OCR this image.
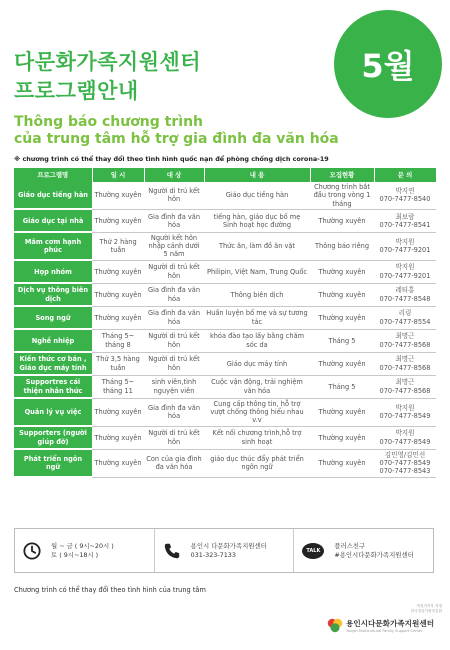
다문화가족지원센터
프로그램안내
5월
Thông báo chương trình
của trung tâm hỗ trợ gia đình đa văn hóa
※ chương trình có thể thay đổi theo tình hình quốc nạn để phòng chống dịch corona-19
프로그램명	일 시	대 상	내 용	모집현황	문 의
Giáo dục tiếng hàn	Thường xuyên	Người di trú kết hôn	Giáo dục tiếng hàn	Chương trình bắt đầu trong vòng 1 tháng	박지연
070-7477-8540
Giáo dục tại nhà	Thường xuyên	Gia đình đa văn hóa	tiếng hàn, giáo dục bố mẹ Sinh hoạt học đường	Thường xuyên	최보람
070-7477-8541
Mâm cơm hạnh phúc	Thứ 2 hàng tuần	Người kết hôn nhập cảnh dưới 5 năm	Thức ăn, làm đồ ăn vặt	Thông báo riêng	박지원
070-7477-9201
Họp nhóm	Thường xuyên	Người di trú kết hôn	Philipin, Việt Nam, Trung Quốc	Thường xuyên	박지원
070-7477-9201
Dịch vụ thông biên dịch	Thường xuyên	Gia đình đa văn hóa	Thông biên dịch	Thường xuyên	레티홍
070-7477-8548
Song ngữ	Thường xuyên	Gia đình đa văn hóa	Huấn luyện bố mẹ và sự tương tác	Thường xuyên	리링
070-7477-8554
Nghề nhiệp	Tháng 5~ tháng 8	Người di trú kết hôn	khóa đào tạo lấy bằng chăm sóc da	Tháng 5	최명근
070-7477-8568
Kiến thức cơ bản , Giáo dục máy tính	Thứ 3,5 hàng tuần	Người di trú kết hôn	Giáo dục máy tính	Thường xuyên	최명근
070-7477-8568
Supportres cái thiện nhân thức	Tháng 5~ tháng 11	sinh viên,tình nguyện viên	Cuộc vận động, trải nghiệm văn hóa	Tháng 5	최명근
070-7477-8568
Quản lý vụ việc	Thường xuyên	Gia đình đa văn hóa	Cung cấp thông tin, hỗ trợ vượt chống thông hiểu nhau v.v	Thường xuyên	박지원
070-7477-8549
Supporters (người giúp đỡ)	Thường xuyên	Người di trú kết hôn	Kết nối chương trình,hỗ trợ sinh hoạt	Thường xuyên	박지원
070-7477-8549
Phát triển ngôn ngữ	Thường xuyên	Con của gia đình đa văn hóa	giáo dục thúc đẩy phát triển ngôn ngữ	Thường xuyên	김민영/김민선
070-7477-8549
070-7477-8543
월 ~ 금 ( 9시~20시 )
토 ( 9시~18시 )
용인시 다문화가족지원센터
031-323-7133	TALK
플러스친구
#용인시다문화가족지원센터
Chương trình có thể thay đổi theo tình hình của trung tâm
여성가족부 지정
한국건강가정진흥원
용인시다문화가족지원센터
Yongin Multicultural Family Support Center
